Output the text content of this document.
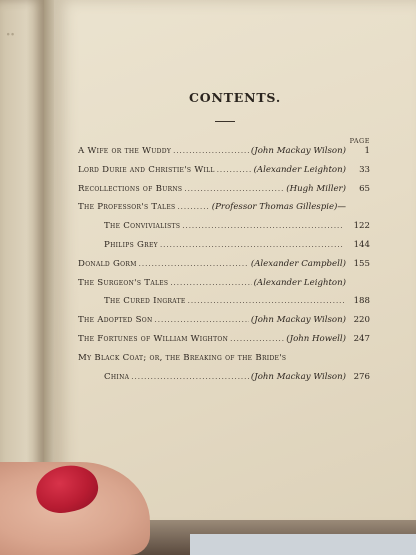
∙∙
CONTENTS.
PAGE
A Wife or the Wuddy .....	(John Mackay Wilson)	1
Lord Durie and Christie's Will .....	(Alexander Leighton)	33
Recollections of Burns .....	(Hugh Miller)	65
The Professor's Tales .....	(Professor Thomas Gillespie)—
The Convivialists .....	122
Philips Grey .....	144
Donald Gorm .....	(Alexander Campbell) 155
The Surgeon's Tales .....	(Alexander Leighton)
The Cured Ingrate .....	188
The Adopted Son .....	(John Mackay Wilson) 220
The Fortunes of William Wighton .....	(John Howell) 247
My Black Coat; or, the Breaking of the Bride's
China .....	(John Mackay Wilson) 276
